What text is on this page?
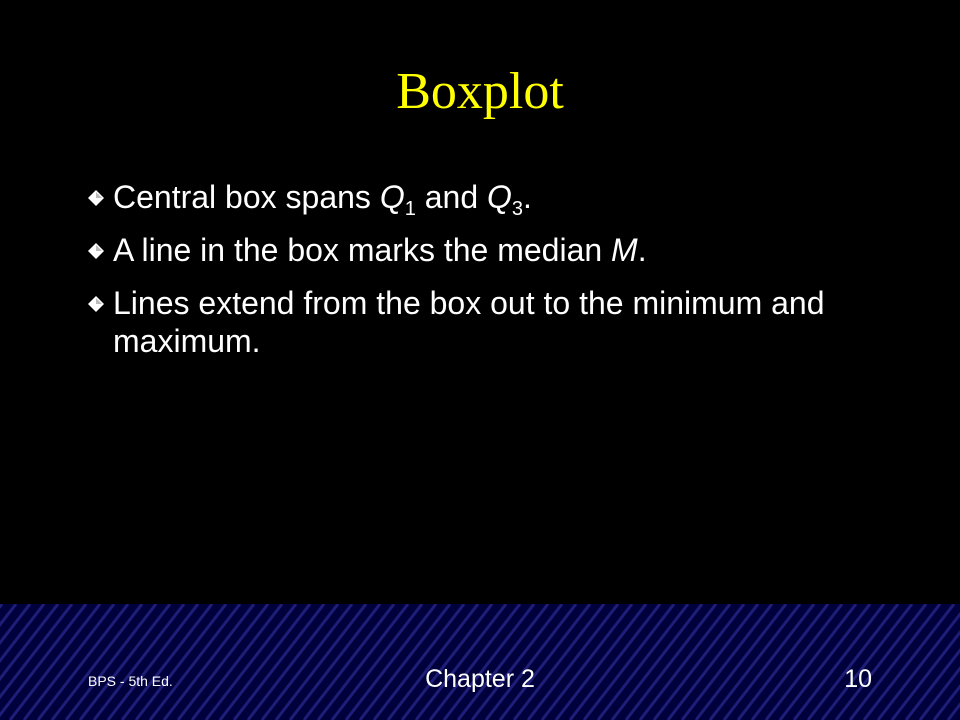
Boxplot
Central box spans $Q_1$ and $Q_3$.
A line in the box marks the median M.
Lines extend from the box out to the minimum and maximum.
BPS - 5th Ed.	Chapter 2	10
